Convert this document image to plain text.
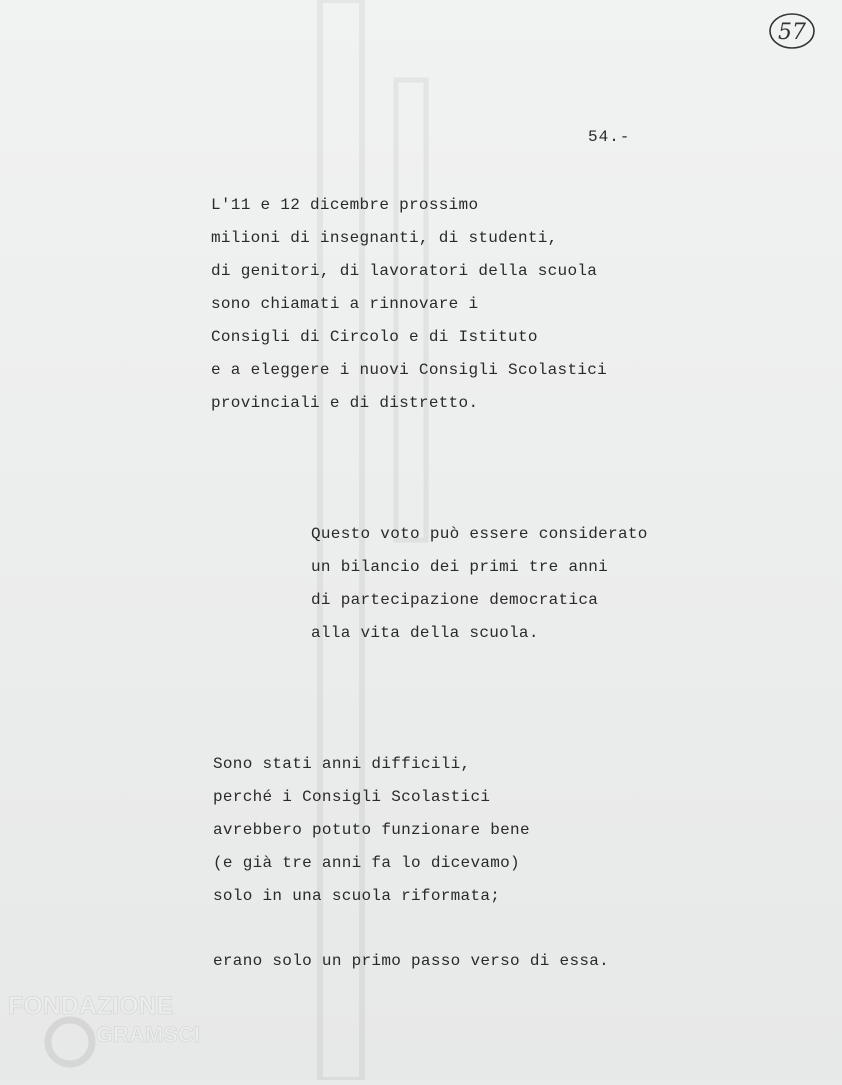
57
54.-
L'11 e 12 dicembre prossimo
milioni di insegnanti, di studenti,
di genitori, di lavoratori della scuola
sono chiamati a rinnovare i
Consigli di Circolo e di Istituto
e a eleggere i nuovi Consigli Scolastici
provinciali e di distretto.
Questo voto può essere considerato
un bilancio dei primi tre anni
di partecipazione democratica
alla vita della scuola.
Sono stati anni difficili,
perché i Consigli Scolastici
avrebbero potuto funzionare bene
(e già tre anni fa lo dicevamo)
solo in una scuola riformata;
erano solo un primo passo verso di essa.
FONDAZIONE
GRAMSCI
